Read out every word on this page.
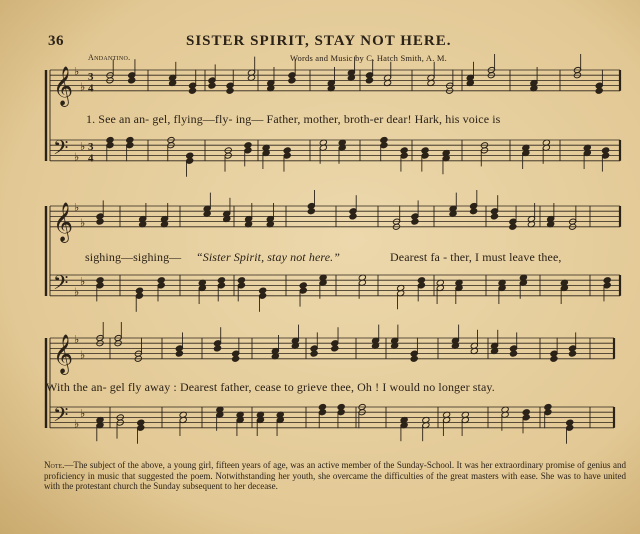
36	SISTER SPIRIT, STAY NOT HERE.
Andantino.	Words and Music by C. Hatch Smith, A. M.
𝄞 ♭
♭
3
4
𝄢 ♭
♭ 3
4
𝄞 ♭
♭
𝄢 ♭
♭
𝄞 ♭
♭
𝄢 ♭
♭
1. See an an- gel, flying—fly- ing— Father, mother, broth-er dear! Hark, his voice is
sighing—sighing— “Sister Spirit, stay not here.”	Dearest fa - ther, I must leave thee,
With the an- gel fly away : Dearest father, cease to grieve thee, Oh ! I would no longer stay.
Note.—The subject of the above, a young girl, fifteen years of age, was an active member of the Sunday-School. It was her extraordinary promise of genius and proficiency in music that suggested the poem. Notwithstanding her youth, she overcame the difficulties of the great masters with ease. She was to have united with the protestant church the Sunday subsequent to her decease.
